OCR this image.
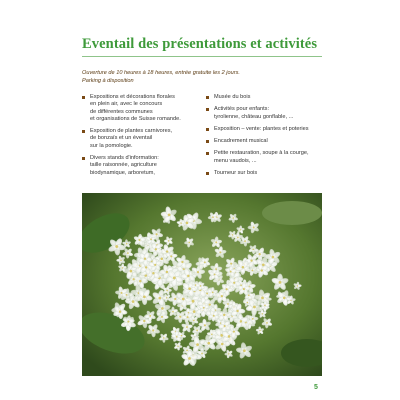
Eventail des présentations et activités
Ouverture de 10 heures à 18 heures, entrée gratuite les 2 jours.
Parking à disposition
Expositions et décorations florales
en plein air, avec le concours
de différentes communes
et organisations de Suisse romande.
Exposition de plantes carnivores,
de bonzaïs et un éventail
sur la pomologie.
Divers stands d'information:
taille raisonnée, agriculture
biodynamique, arboretum,
Musée du bois
Activités pour enfants:
tyrolienne, château gonflable, ...
Exposition – vente: plantes et poteries
Encadrement musical
Petite restauration, soupe à la courge,
menu vaudois, ...
Tourneur sur bois
5
